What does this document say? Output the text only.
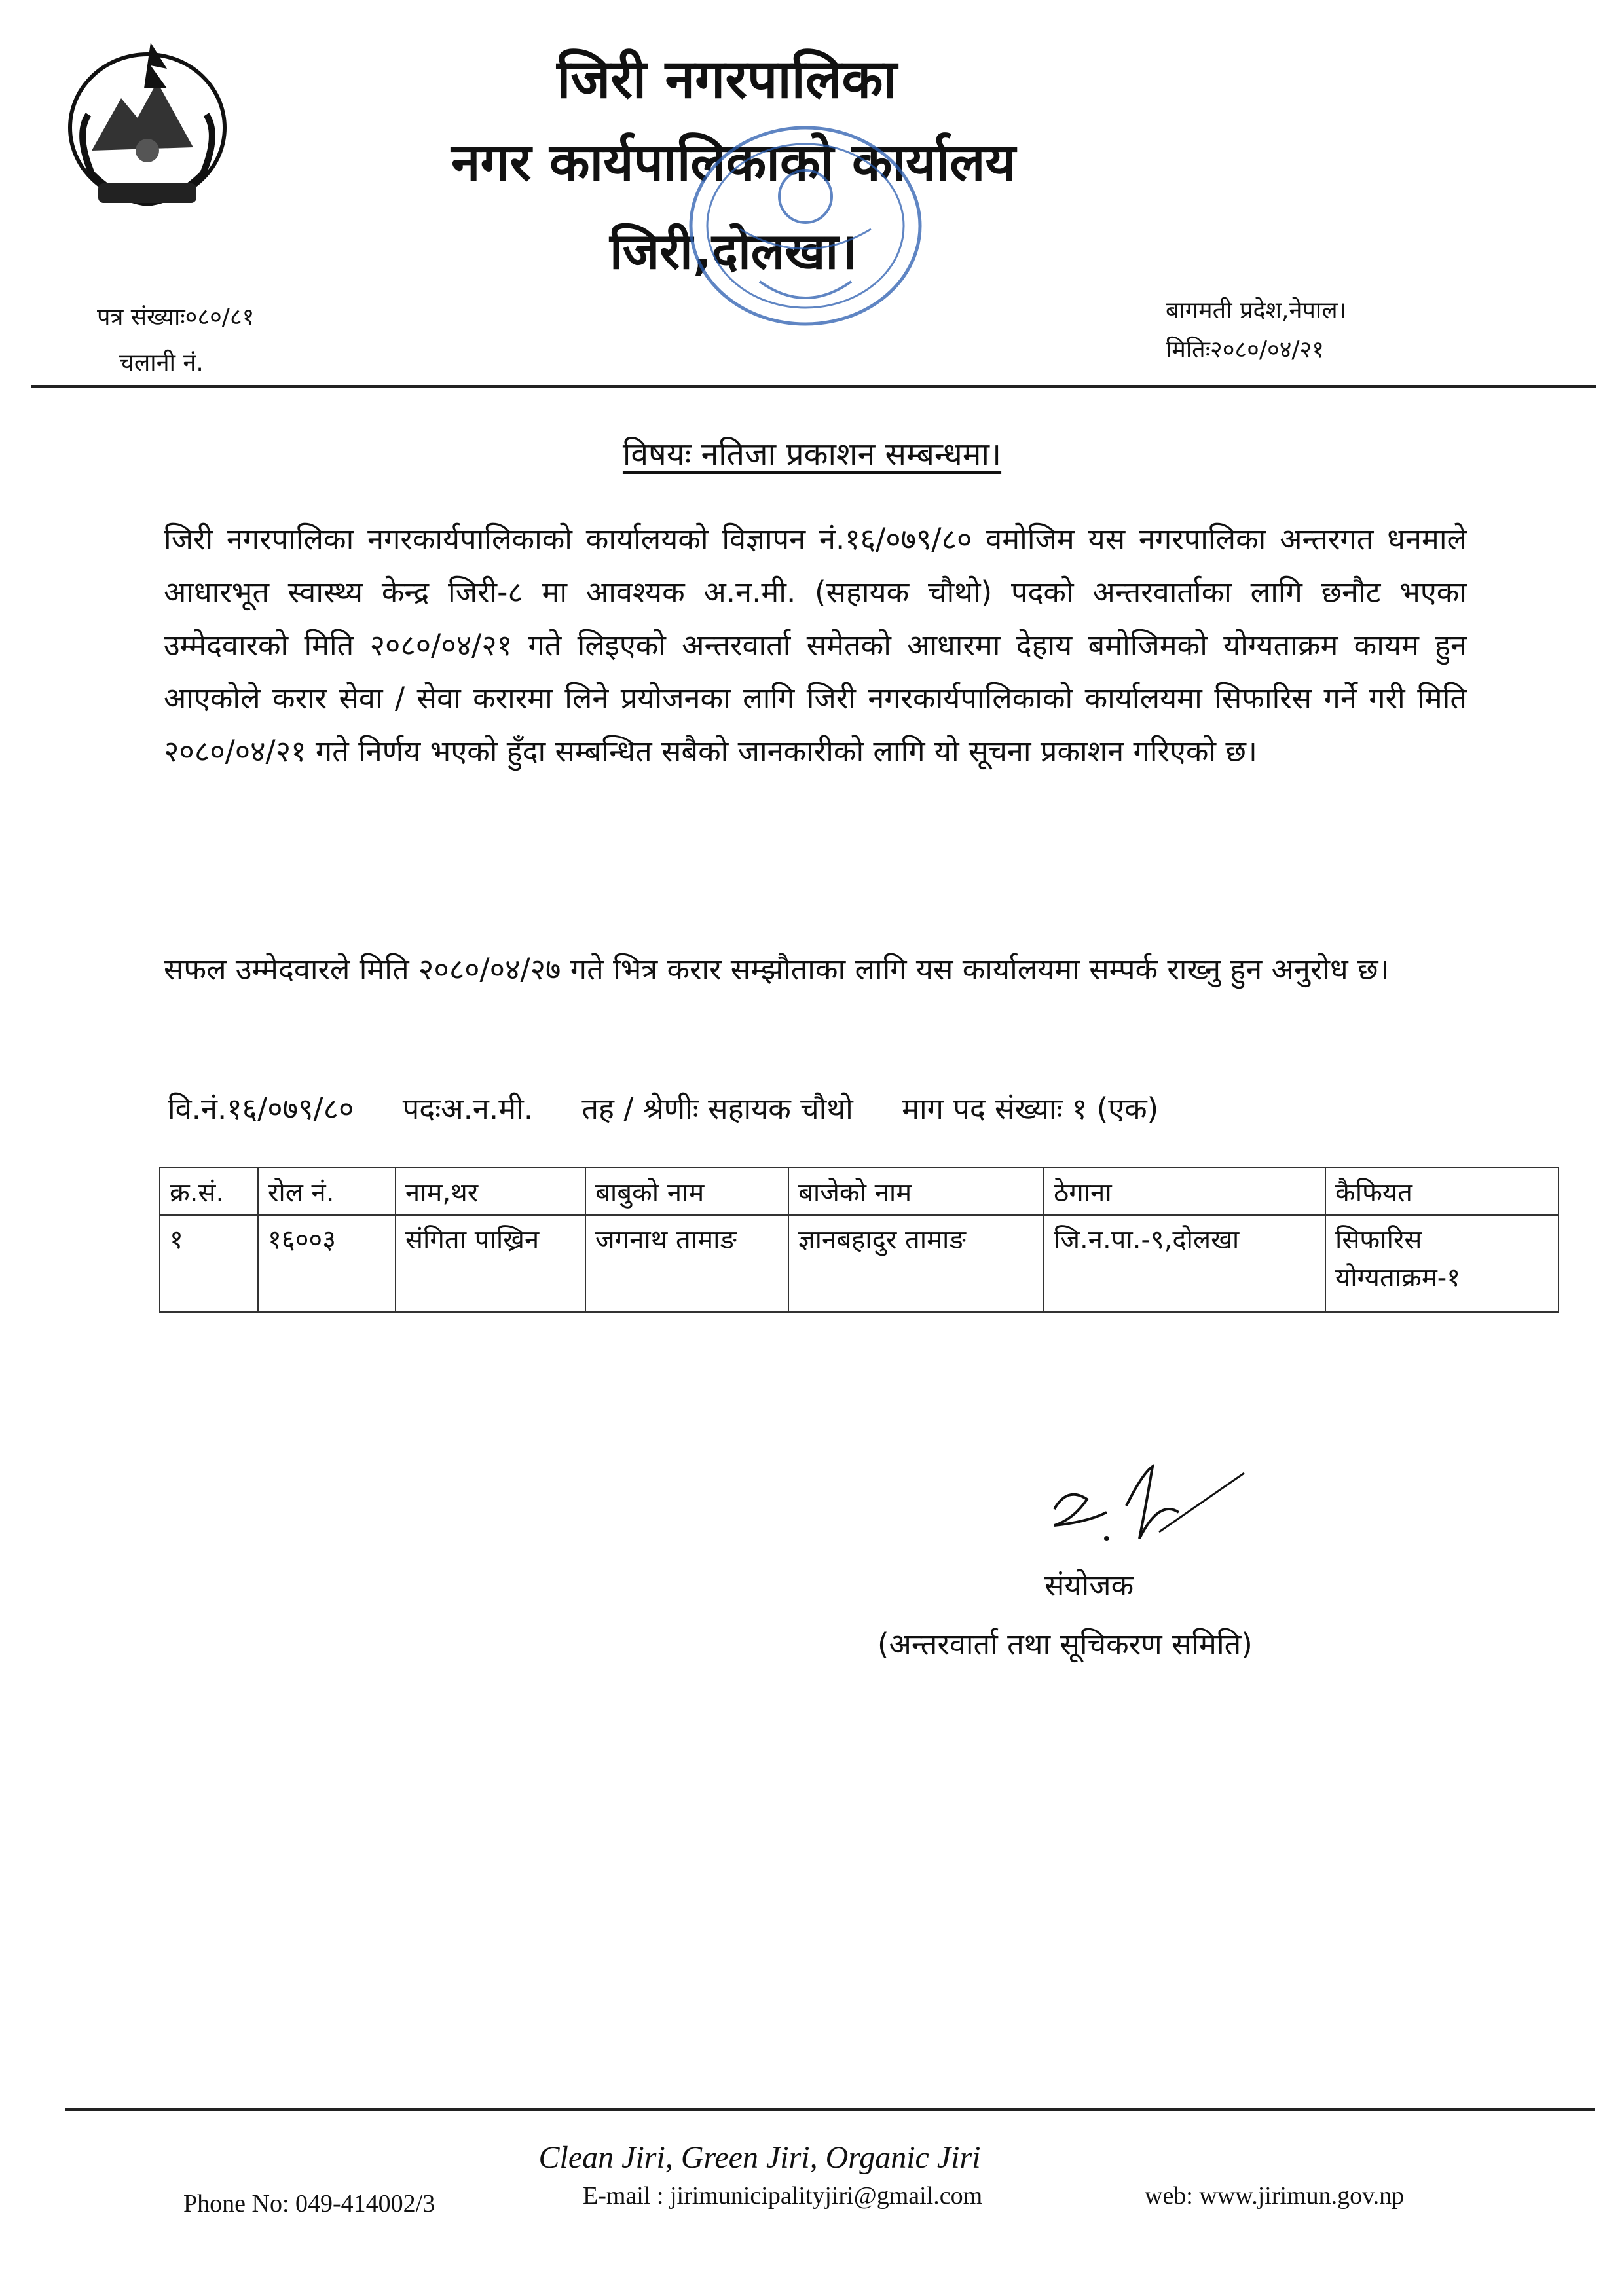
जिरी नगरपालिका
नगर कार्यपालिकाको कार्यालय
जिरी,दोलखा।
पत्र संख्याः०८०/८१
चलानी नं.
बागमती प्रदेश,नेपाल।
मितिः२०८०/०४/२१
विषयः नतिजा प्रकाशन सम्बन्धमा।
जिरी नगरपालिका नगरकार्यपालिकाको कार्यालयको विज्ञापन नं.१६/०७९/८० वमोजिम यस नगरपालिका अन्तरगत धनमाले आधारभूत स्वास्थ्य केन्द्र जिरी-८ मा आवश्यक अ.न.मी. (सहायक चौथो) पदको अन्तरवार्ताका लागि छनौट भएका उम्मेदवारको मिति २०८०/०४/२१ गते लिइएको अन्तरवार्ता समेतको आधारमा देहाय बमोजिमको योग्यताक्रम कायम हुन आएकोले करार सेवा / सेवा करारमा लिने प्रयोजनका लागि जिरी नगरकार्यपालिकाको कार्यालयमा सिफारिस गर्ने गरी मिति २०८०/०४/२१ गते निर्णय भएको हुँदा सम्बन्धित सबैको जानकारीको लागि यो सूचना प्रकाशन गरिएको छ।
सफल उम्मेदवारले मिति २०८०/०४/२७ गते भित्र करार सम्झौताका लागि यस कार्यालयमा सम्पर्क राख्नु हुन अनुरोध छ।
वि.नं.१६/०७९/८० पदःअ.न.मी. तह / श्रेणीः सहायक चौथो माग पद संख्याः १ (एक)
क्र.सं.	रोल नं.	नाम,थर	बाबुको नाम	बाजेको नाम	ठेगाना	कैफियत
१	१६००३	संगिता पाख्रिन	जगनाथ तामाङ	ज्ञानबहादुर तामाङ	जि.न.पा.-९,दोलखा	सिफारिस योग्यताक्रम-१
संयोजक
(अन्तरवार्ता तथा सूचिकरण समिति)
Clean Jiri, Green Jiri, Organic Jiri
Phone No: 049-414002/3	E-mail : jirimunicipalityjiri@gmail.com	web: www.jirimun.gov.np
